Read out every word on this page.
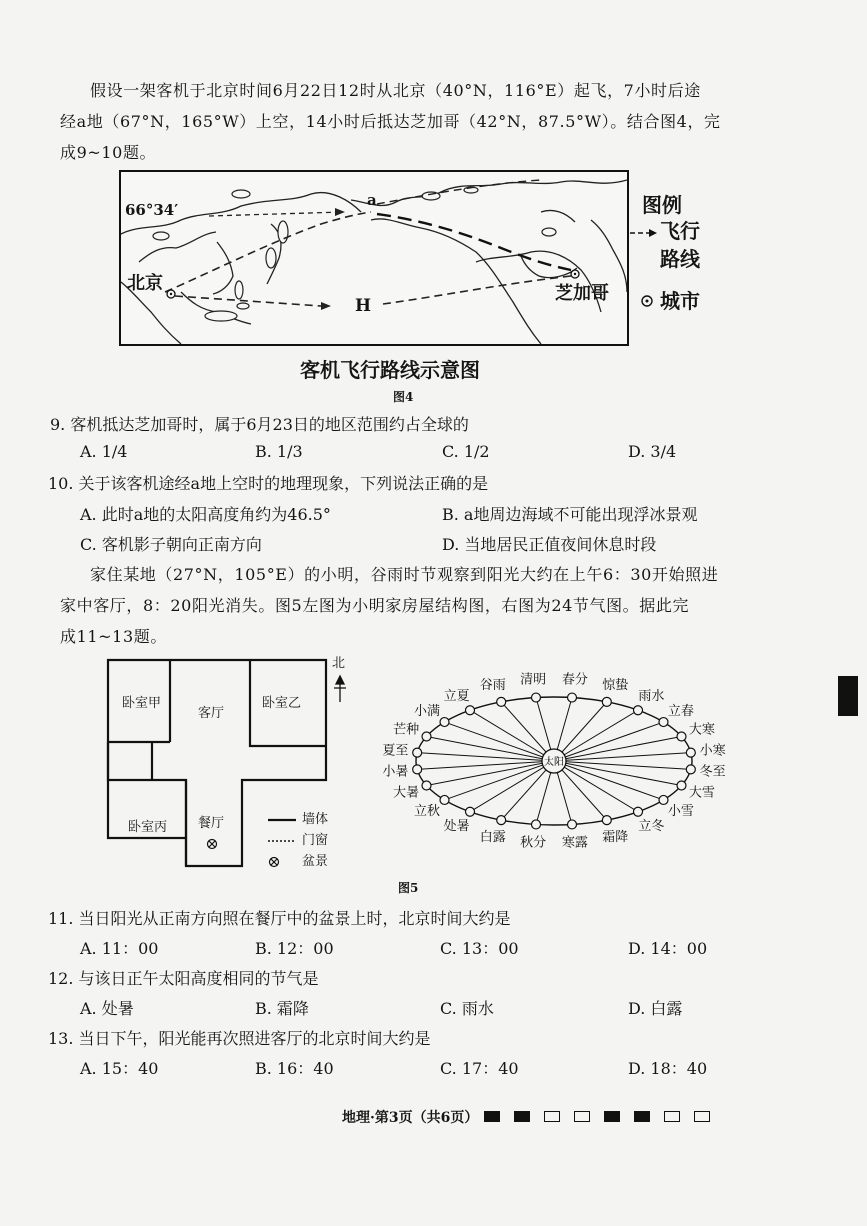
假设一架客机于北京时间6月22日12时从北京（40°N，116°E）起飞，7小时后途
经a地（67°N，165°W）上空，14小时后抵达芝加哥（42°N，87.5°W）。结合图4，完
成9~10题。
66°34′
a
H
北京	芝加哥
图例
飞行
路线
城市
客机飞行路线示意图
图4
9. 客机抵达芝加哥时，属于6月23日的地区范围约占全球的
A. 1/4	B. 1/3	C. 1/2	D. 3/4
10. 关于该客机途经a地上空时的地理现象，下列说法正确的是
A. 此时a地的太阳高度角约为46.5°	B. a地周边海域不可能出现浮冰景观
C. 客机影子朝向正南方向	D. 当地居民正值夜间休息时段
家住某地（27°N，105°E）的小明，谷雨时节观察到阳光大约在上午6：30开始照进
家中客厅，8：20阳光消失。图5左图为小明家房屋结构图，右图为24节气图。据此完
成11~13题。
卧室甲
客厅
卧室乙
卧室丙 餐厅
北
墙体
门窗
盆景
清明 春分 惊蛰
雨水
立春
大寒
小寒
冬至
大雪
小雪
立冬
霜降
寒露
秋分
白露
处暑
立秋
大暑
小暑
夏至
芒种
小满
立夏
谷雨
太阳
图5
11. 当日阳光从正南方向照在餐厅中的盆景上时，北京时间大约是
A. 11：00	B. 12：00	C. 13：00	D. 14：00
12. 与该日正午太阳高度相同的节气是
A. 处暑	B. 霜降	C. 雨水	D. 白露
13. 当日下午，阳光能再次照进客厅的北京时间大约是
A. 15：40	B. 16：40	C. 17：40	D. 18：40
地理·第3页（共6页）
